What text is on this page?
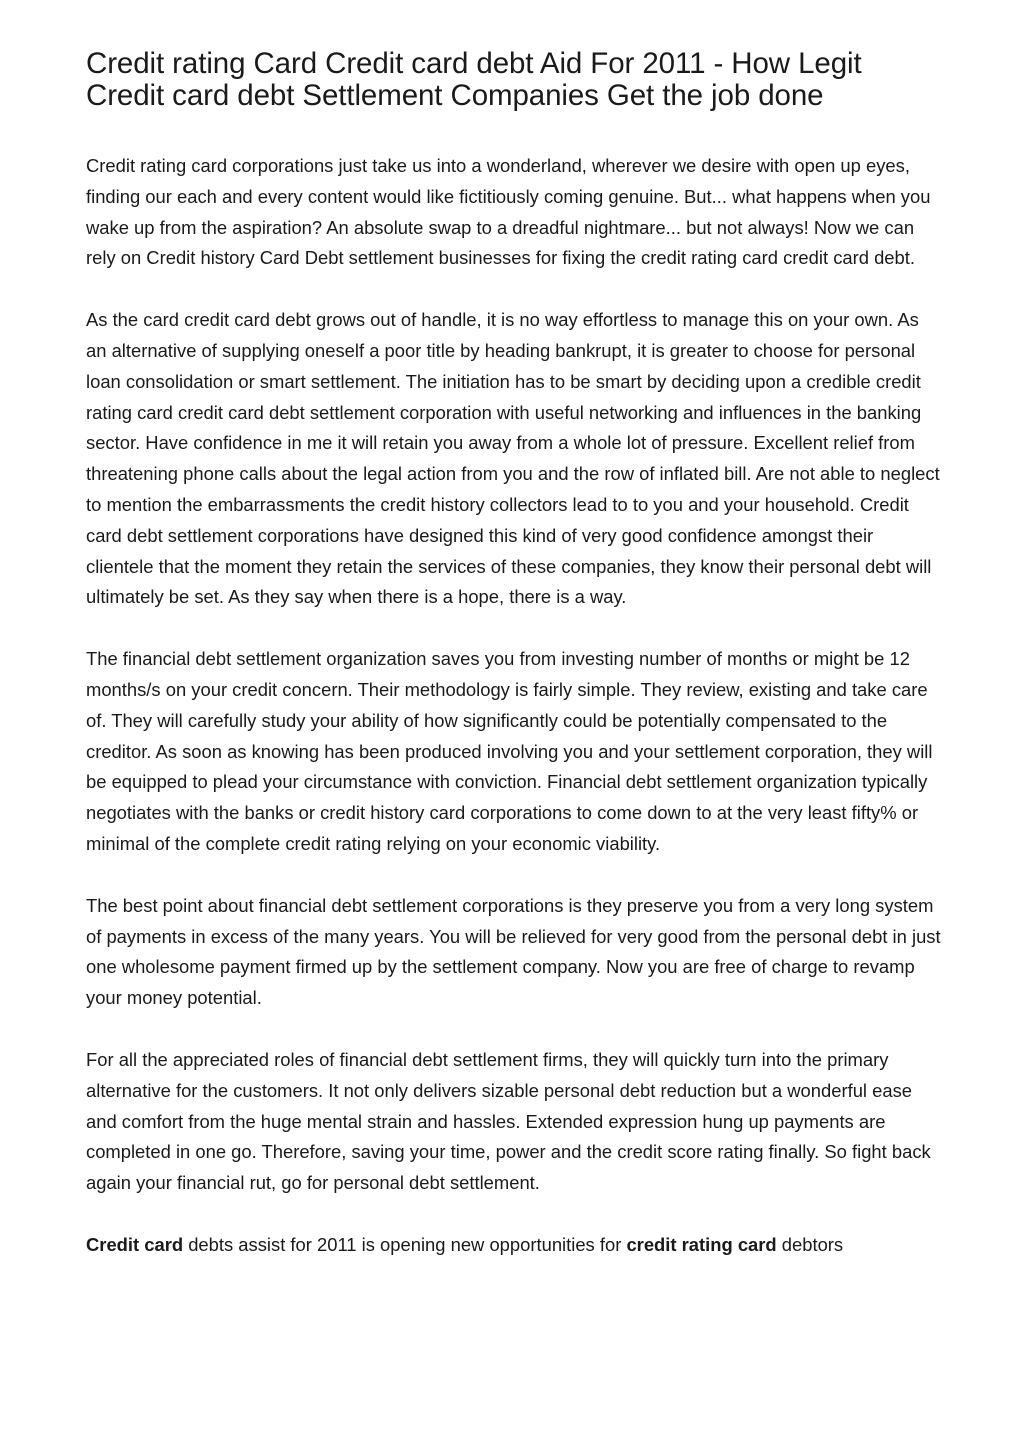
Credit rating Card Credit card debt Aid For 2011 - How Legit Credit card debt Settlement Companies Get the job done

Credit rating card corporations just take us into a wonderland, wherever we desire with open up eyes, finding our each and every content would like fictitiously coming genuine. But... what happens when you wake up from the aspiration? An absolute swap to a dreadful nightmare... but not always! Now we can rely on Credit history Card Debt settlement businesses for fixing the credit rating card credit card debt.

As the card credit card debt grows out of handle, it is no way effortless to manage this on your own. As an alternative of supplying oneself a poor title by heading bankrupt, it is greater to choose for personal loan consolidation or smart settlement. The initiation has to be smart by deciding upon a credible credit rating card credit card debt settlement corporation with useful networking and influences in the banking sector. Have confidence in me it will retain you away from a whole lot of pressure. Excellent relief from threatening phone calls about the legal action from you and the row of inflated bill. Are not able to neglect to mention the embarrassments the credit history collectors lead to to you and your household. Credit card debt settlement corporations have designed this kind of very good confidence amongst their clientele that the moment they retain the services of these companies, they know their personal debt will ultimately be set. As they say when there is a hope, there is a way.

The financial debt settlement organization saves you from investing number of months or might be 12 months/s on your credit concern. Their methodology is fairly simple. They review, existing and take care of. They will carefully study your ability of how significantly could be potentially compensated to the creditor. As soon as knowing has been produced involving you and your settlement corporation, they will be equipped to plead your circumstance with conviction. Financial debt settlement organization typically negotiates with the banks or credit history card corporations to come down to at the very least fifty% or minimal of the complete credit rating relying on your economic viability.

The best point about financial debt settlement corporations is they preserve you from a very long system of payments in excess of the many years. You will be relieved for very good from the personal debt in just one wholesome payment firmed up by the settlement company. Now you are free of charge to revamp your money potential.

For all the appreciated roles of financial debt settlement firms, they will quickly turn into the primary alternative for the customers. It not only delivers sizable personal debt reduction but a wonderful ease and comfort from the huge mental strain and hassles. Extended expression hung up payments are completed in one go. Therefore, saving your time, power and the credit score rating finally. So fight back again your financial rut, go for personal debt settlement.

Credit card debts assist for 2011 is opening new opportunities for credit rating card debtors
